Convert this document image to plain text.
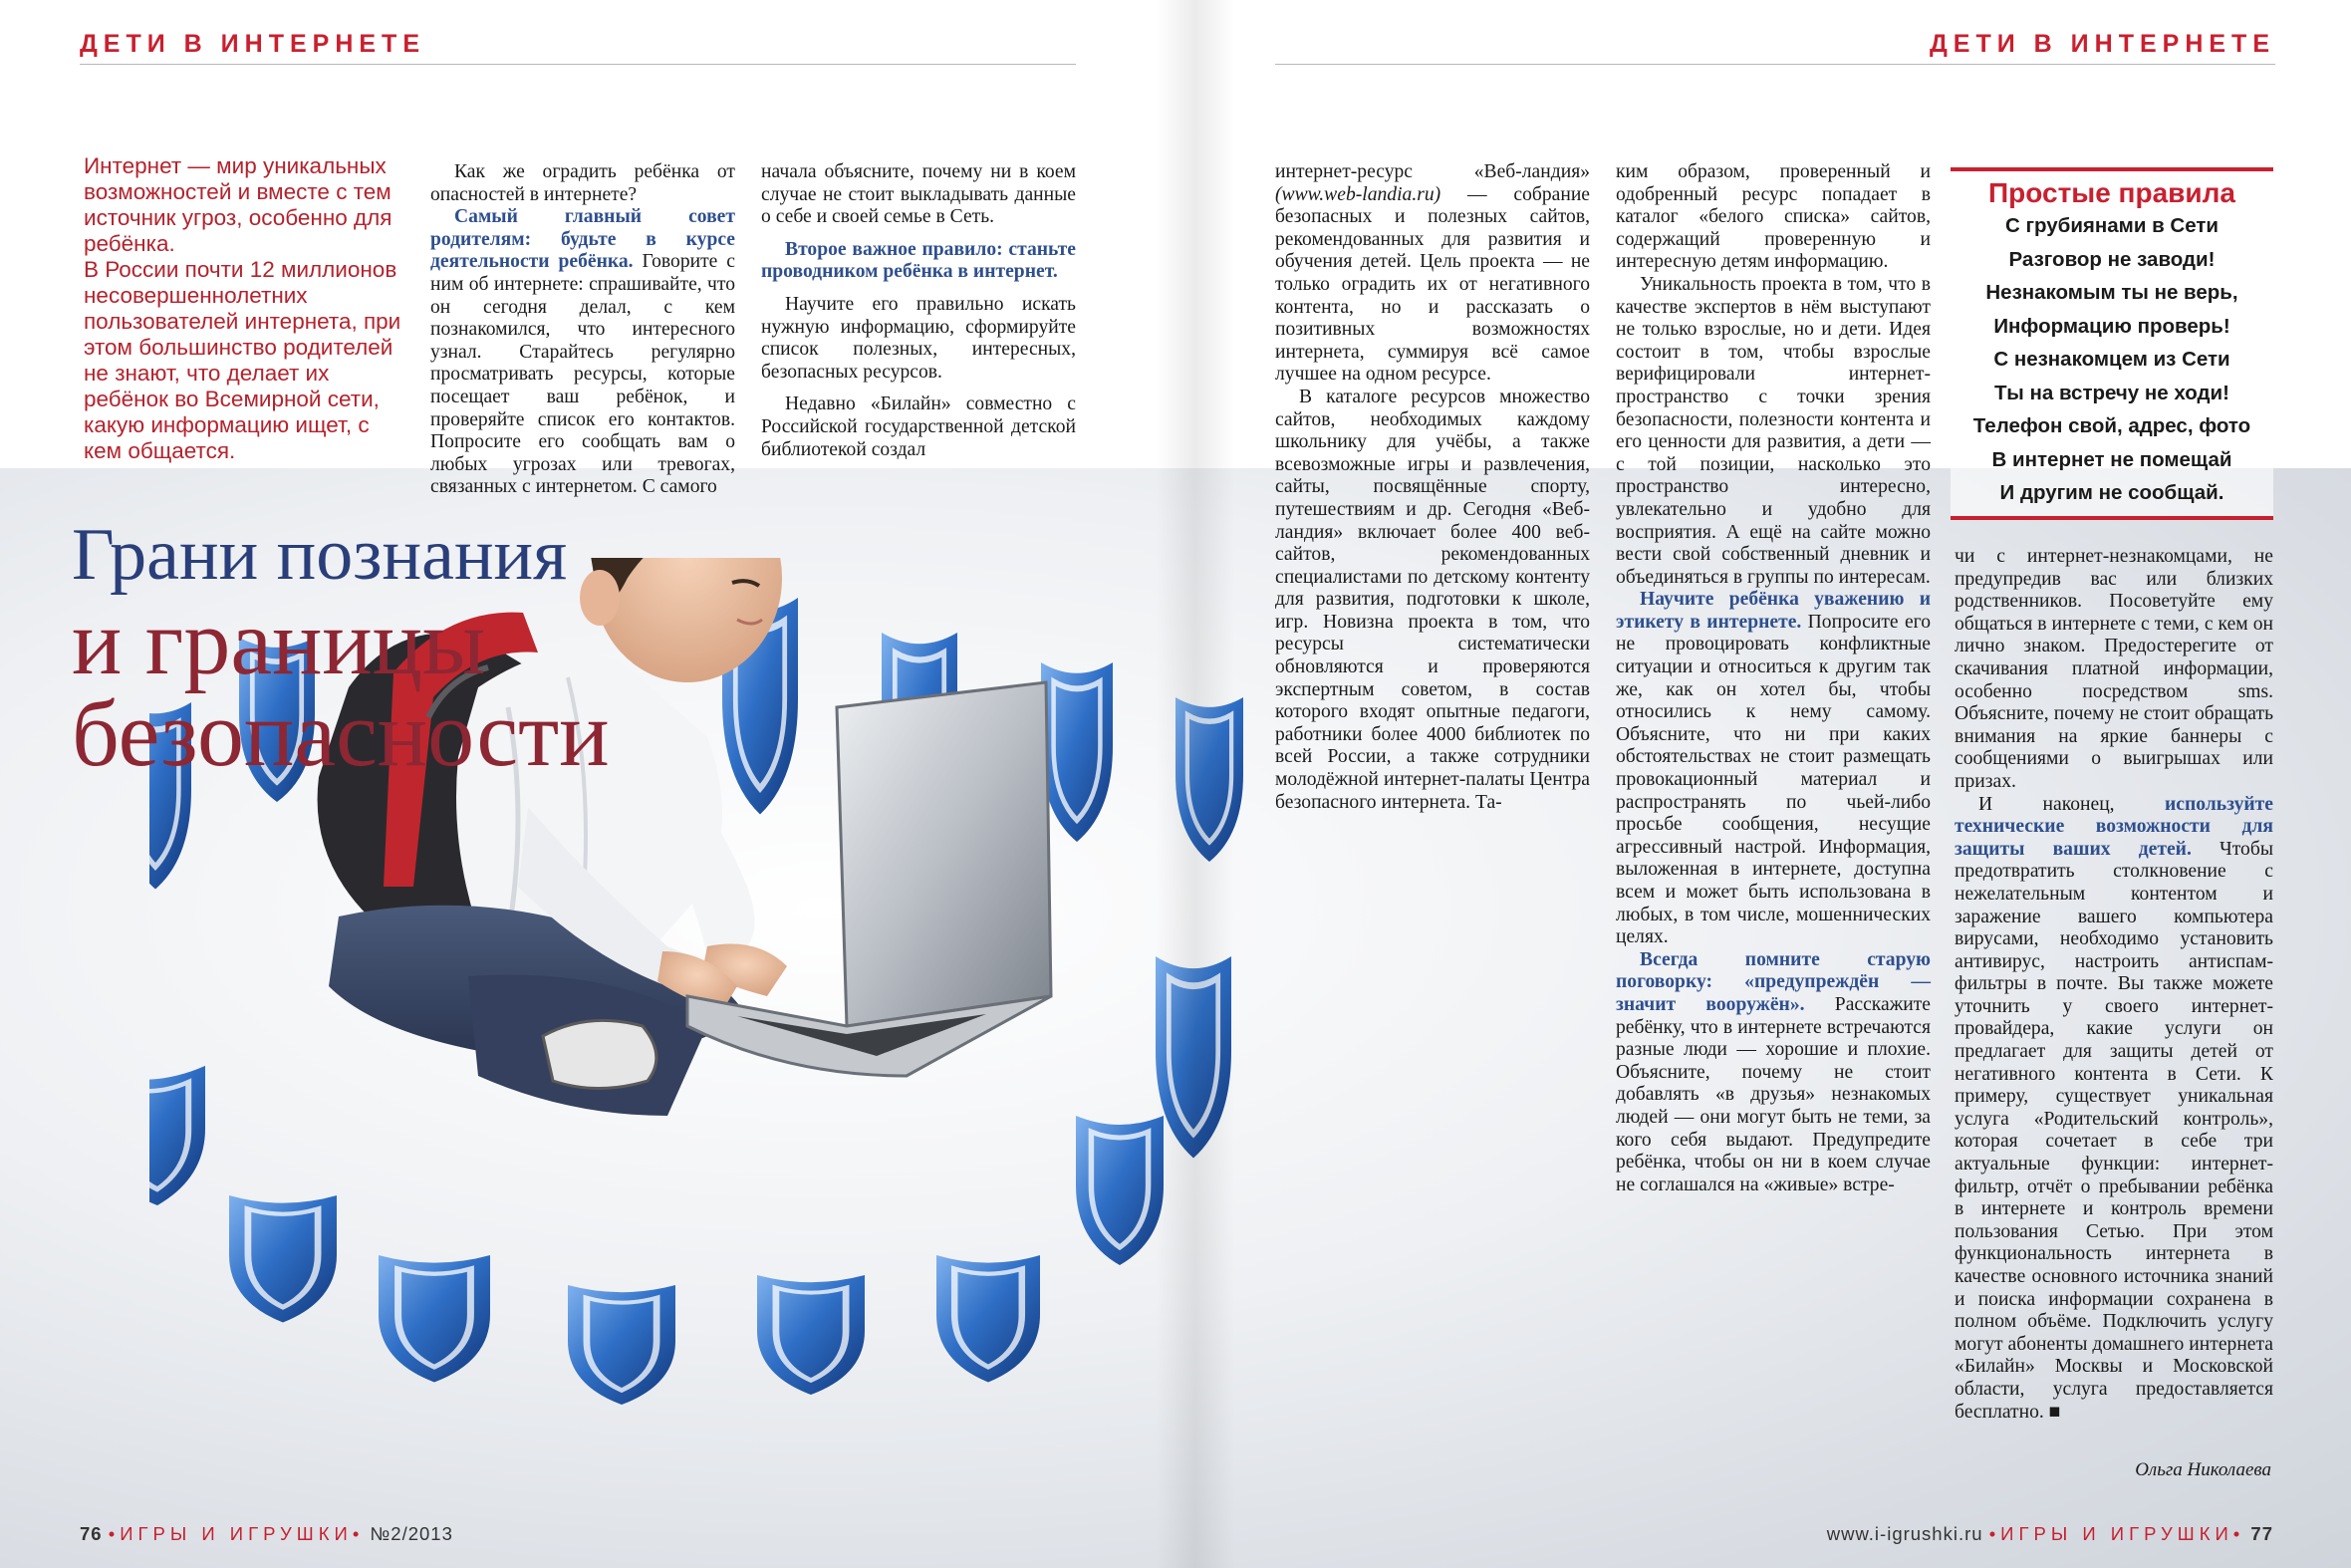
ДЕТИ В ИНТЕРНЕТЕ	ДЕТИ В ИНТЕРНЕТЕ

Интернет — мир уникальных возможностей и вместе с тем источник угроз, особенно для ребёнка.

В России почти 12 миллионов несовершеннолетних пользователей интернета, при этом большинство родителей не знают, что делает их ребёнок во Всемирной сети, какую информацию ищет, с кем общается.

Как же оградить ребёнка от опасностей в интернете?

Самый главный совет родителям: будьте в курсе деятельности ребёнка. Говорите с ним об интернете: спрашивайте, что он сегодня делал, с кем познакомился, что интересного узнал. Старайтесь регулярно просматривать ресурсы, которые посещает ваш ребёнок, и проверяйте список его контактов. Попросите его сообщать вам о любых угрозах или тревогах, связанных с интернетом. С самого

начала объясните, почему ни в коем случае не стоит выкладывать данные о себе и своей семье в Сеть.

Второе важное правило: станьте проводником ребёнка в интернет.

Научите его правильно искать нужную информацию, сформируйте список полезных, интересных, безопасных ресурсов.

Недавно «Билайн» совместно с Российской государственной детской библиотекой создал

Грани познания
и границы
безопасности

интернет-ресурс «Веб-ландия» (www.web-landia.ru) — собрание безопасных и полезных сайтов, рекомендованных для развития и обучения детей. Цель проекта — не только оградить их от негативного контента, но и рассказать о позитивных возможностях интернета, суммируя всё самое лучшее на одном ресурсе.

В каталоге ресурсов множество сайтов, необходимых каждому школьнику для учёбы, а также всевозможные игры и развлечения, сайты, посвящённые спорту, путешествиям и др. Сегодня «Веб-ландия» включает более 400 веб-сайтов, рекомендованных специалистами по детскому контенту для развития, подготовки к школе, игр. Новизна проекта в том, что ресурсы систематически обновляются и проверяются экспертным советом, в состав которого входят опытные педагоги, работники более 4000 библиотек по всей России, а также сотрудники молодёжной интернет-палаты Центра безопасного интернета. Та-

ким образом, проверенный и одобренный ресурс попадает в каталог «белого списка» сайтов, содержащий проверенную и интересную детям информацию.

Уникальность проекта в том, что в качестве экспертов в нём выступают не только взрослые, но и дети. Идея состоит в том, чтобы взрослые верифицировали интернет-пространство с точки зрения безопасности, полезности контента и его ценности для развития, а дети — с той позиции, насколько это пространство интересно, увлекательно и удобно для восприятия. А ещё на сайте можно вести свой собственный дневник и объединяться в группы по интересам.

Научите ребёнка уважению и этикету в интернете. Попросите его не провоцировать конфликтные ситуации и относиться к другим так же, как он хотел бы, чтобы относились к нему самому. Объясните, что ни при каких обстоятельствах не стоит размещать провокационный материал и распространять по чьей-либо просьбе сообщения, несущие агрессивный настрой. Информация, выложенная в интернете, доступна всем и может быть использована в любых, в том числе, мошеннических целях.

Всегда помните старую поговорку: «предупреждён — значит вооружён». Расскажите ребёнку, что в интернете встречаются разные люди — хорошие и плохие. Объясните, почему не стоит добавлять «в друзья» незнакомых людей — они могут быть не теми, за кого себя выдают. Предупредите ребёнка, чтобы он ни в коем случае не соглашался на «живые» встре-

Простые правила
С грубиянами в Сети
Разговор не заводи!
Незнакомым ты не верь,
Информацию проверь!
С незнакомцем из Сети
Ты на встречу не ходи!
Телефон свой, адрес, фото
В интернет не помещай
И другим не сообщай.

чи с интернет-незнакомцами, не предупредив вас или близких родственников. Посоветуйте ему общаться в интернете с теми, с кем он лично знаком. Предостерегите от скачивания платной информации, особенно посредством sms. Объясните, почему не стоит обращать внимания на яркие баннеры с сообщениями о выигрышах или призах.

И наконец, используйте технические возможности для защиты ваших детей. Чтобы предотвратить столкновение с нежелательным контентом и заражение вашего компьютера вирусами, необходимо установить антивирус, настроить антиспам-фильтры в почте. Вы также можете уточнить у своего интернет-провайдера, какие услуги он предлагает для защиты детей от негативного контента в Сети. К примеру, существует уникальная услуга «Родительский контроль», которая сочетает в себе три актуальные функции: интернет-фильтр, отчёт о пребывании ребёнка в интернете и контроль времени пользования Сетью. При этом функциональность интернета в качестве основного источника знаний и поиска информации сохранена в полном объёме. Подключить услугу могут абоненты домашнего интернета «Билайн» Москвы и Московской области, услуга предоставляется бесплатно. ■

Ольга Николаева
76 •ИГРЫ И ИГРУШКИ• №2/2013	www.i-igrushki.ru •ИГРЫ И ИГРУШКИ• 77
